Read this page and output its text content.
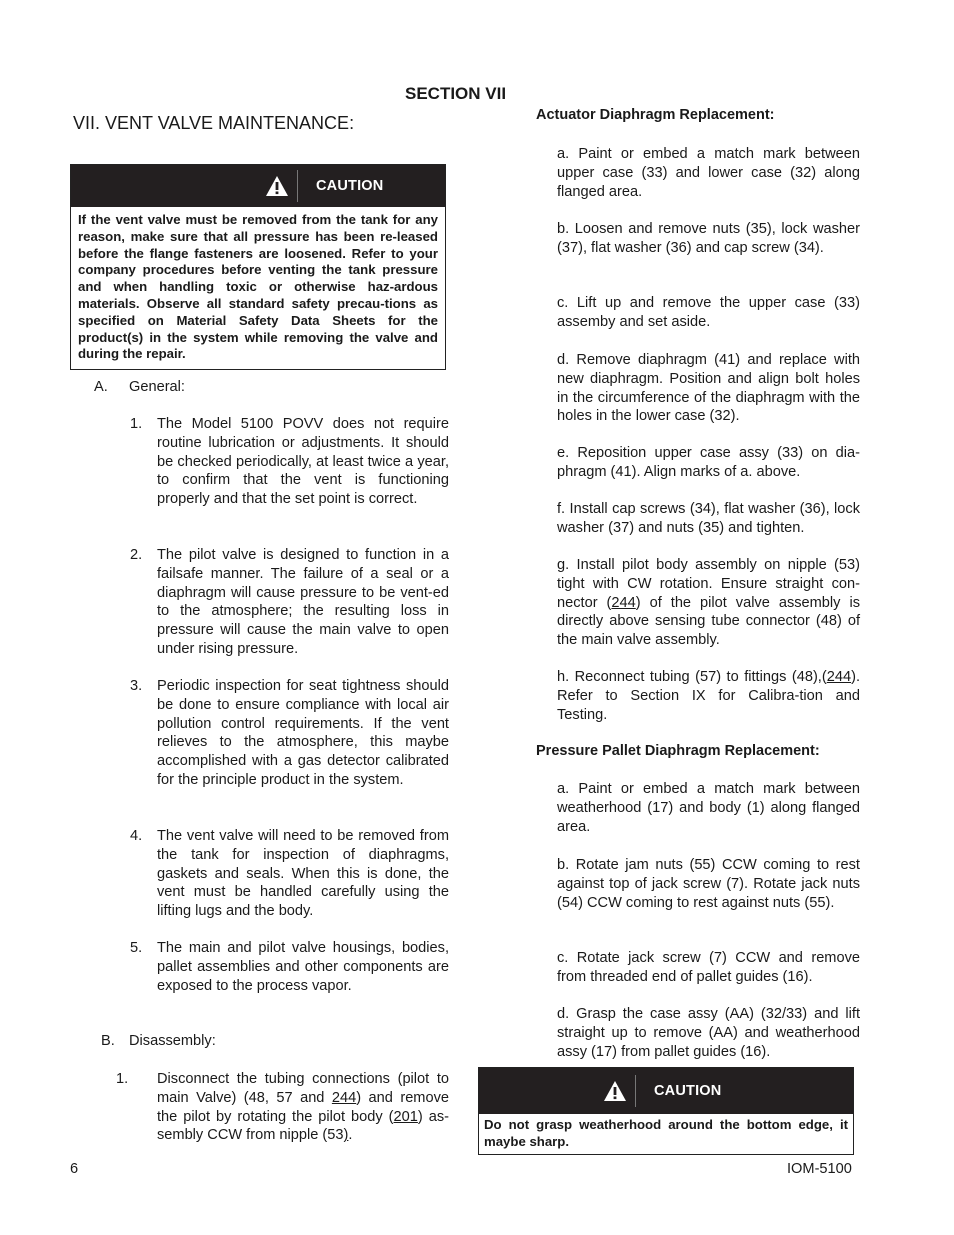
SECTION VII
VII. VENT VALVE MAINTENANCE:
CAUTION
If the vent valve must be removed from the tank for any reason, make sure that all pressure has been re-leased before the flange fasteners are loosened. Refer to your company procedures before venting the tank pressure and when handling toxic or otherwise haz-ardous materials. Observe all standard safety precau-tions as specified on Material Safety Data Sheets for the product(s) in the system while removing the valve and during the repair.
A. General:
1. The Model 5100 POVV does not require routine lubrication or adjustments. It should be checked periodically, at least twice a year, to confirm that the vent is functioning properly and that the set point is correct.
2. The pilot valve is designed to function in a failsafe manner. The failure of a seal or a diaphragm will cause pressure to be vent-ed to the atmosphere; the resulting loss in pressure will cause the main valve to open under rising pressure.
3. Periodic inspection for seat tightness should be done to ensure compliance with local air pollution control requirements. If the vent relieves to the atmosphere, this maybe accomplished with a gas detector calibrated for the principle product in the system.
4. The vent valve will need to be removed from the tank for inspection of diaphragms, gaskets and seals. When this is done, the vent must be handled carefully using the lifting lugs and the body.
5. The main and pilot valve housings, bodies, pallet assemblies and other components are exposed to the process vapor.
B. Disassembly:
1. Disconnect the tubing connections (pilot to main Valve) (48, 57 and 244) and remove the pilot by rotating the pilot body (201) as-sembly CCW from nipple (53).
Actuator Diaphragm Replacement:
a. Paint or embed a match mark between upper case (33) and lower case (32) along flanged area.
b. Loosen and remove nuts (35), lock washer (37), flat washer (36) and cap screw (34).
c. Lift up and remove the upper case (33) assemby and set aside.
d. Remove diaphragm (41) and replace with new diaphragm. Position and align bolt holes in the circumference of the diaphragm with the holes in the lower case (32).
e. Reposition upper case assy (33) on dia-phragm (41). Align marks of a. above.
f. Install cap screws (34), flat washer (36), lock washer (37) and nuts (35) and tighten.
g. Install pilot body assembly on nipple (53) tight with CW rotation. Ensure straight con-nector (244) of the pilot valve assembly is directly above sensing tube connector (48) of the main valve assembly.
h. Reconnect tubing (57) to fittings (48),(244). Refer to Section IX for Calibra-tion and Testing.
Pressure Pallet Diaphragm Replacement:
a. Paint or embed a match mark between weatherhood (17) and body (1) along flanged area.
b. Rotate jam nuts (55) CCW coming to rest against top of jack screw (7). Rotate jack nuts (54) CCW coming to rest against nuts (55).
c. Rotate jack screw (7) CCW and remove from threaded end of pallet guides (16).
d. Grasp the case assy (AA) (32/33) and lift straight up to remove (AA) and weatherhood assy (17) from pallet guides (16).
CAUTION
Do not grasp weatherhood around the bottom edge, it maybe sharp.
6	IOM-5100
